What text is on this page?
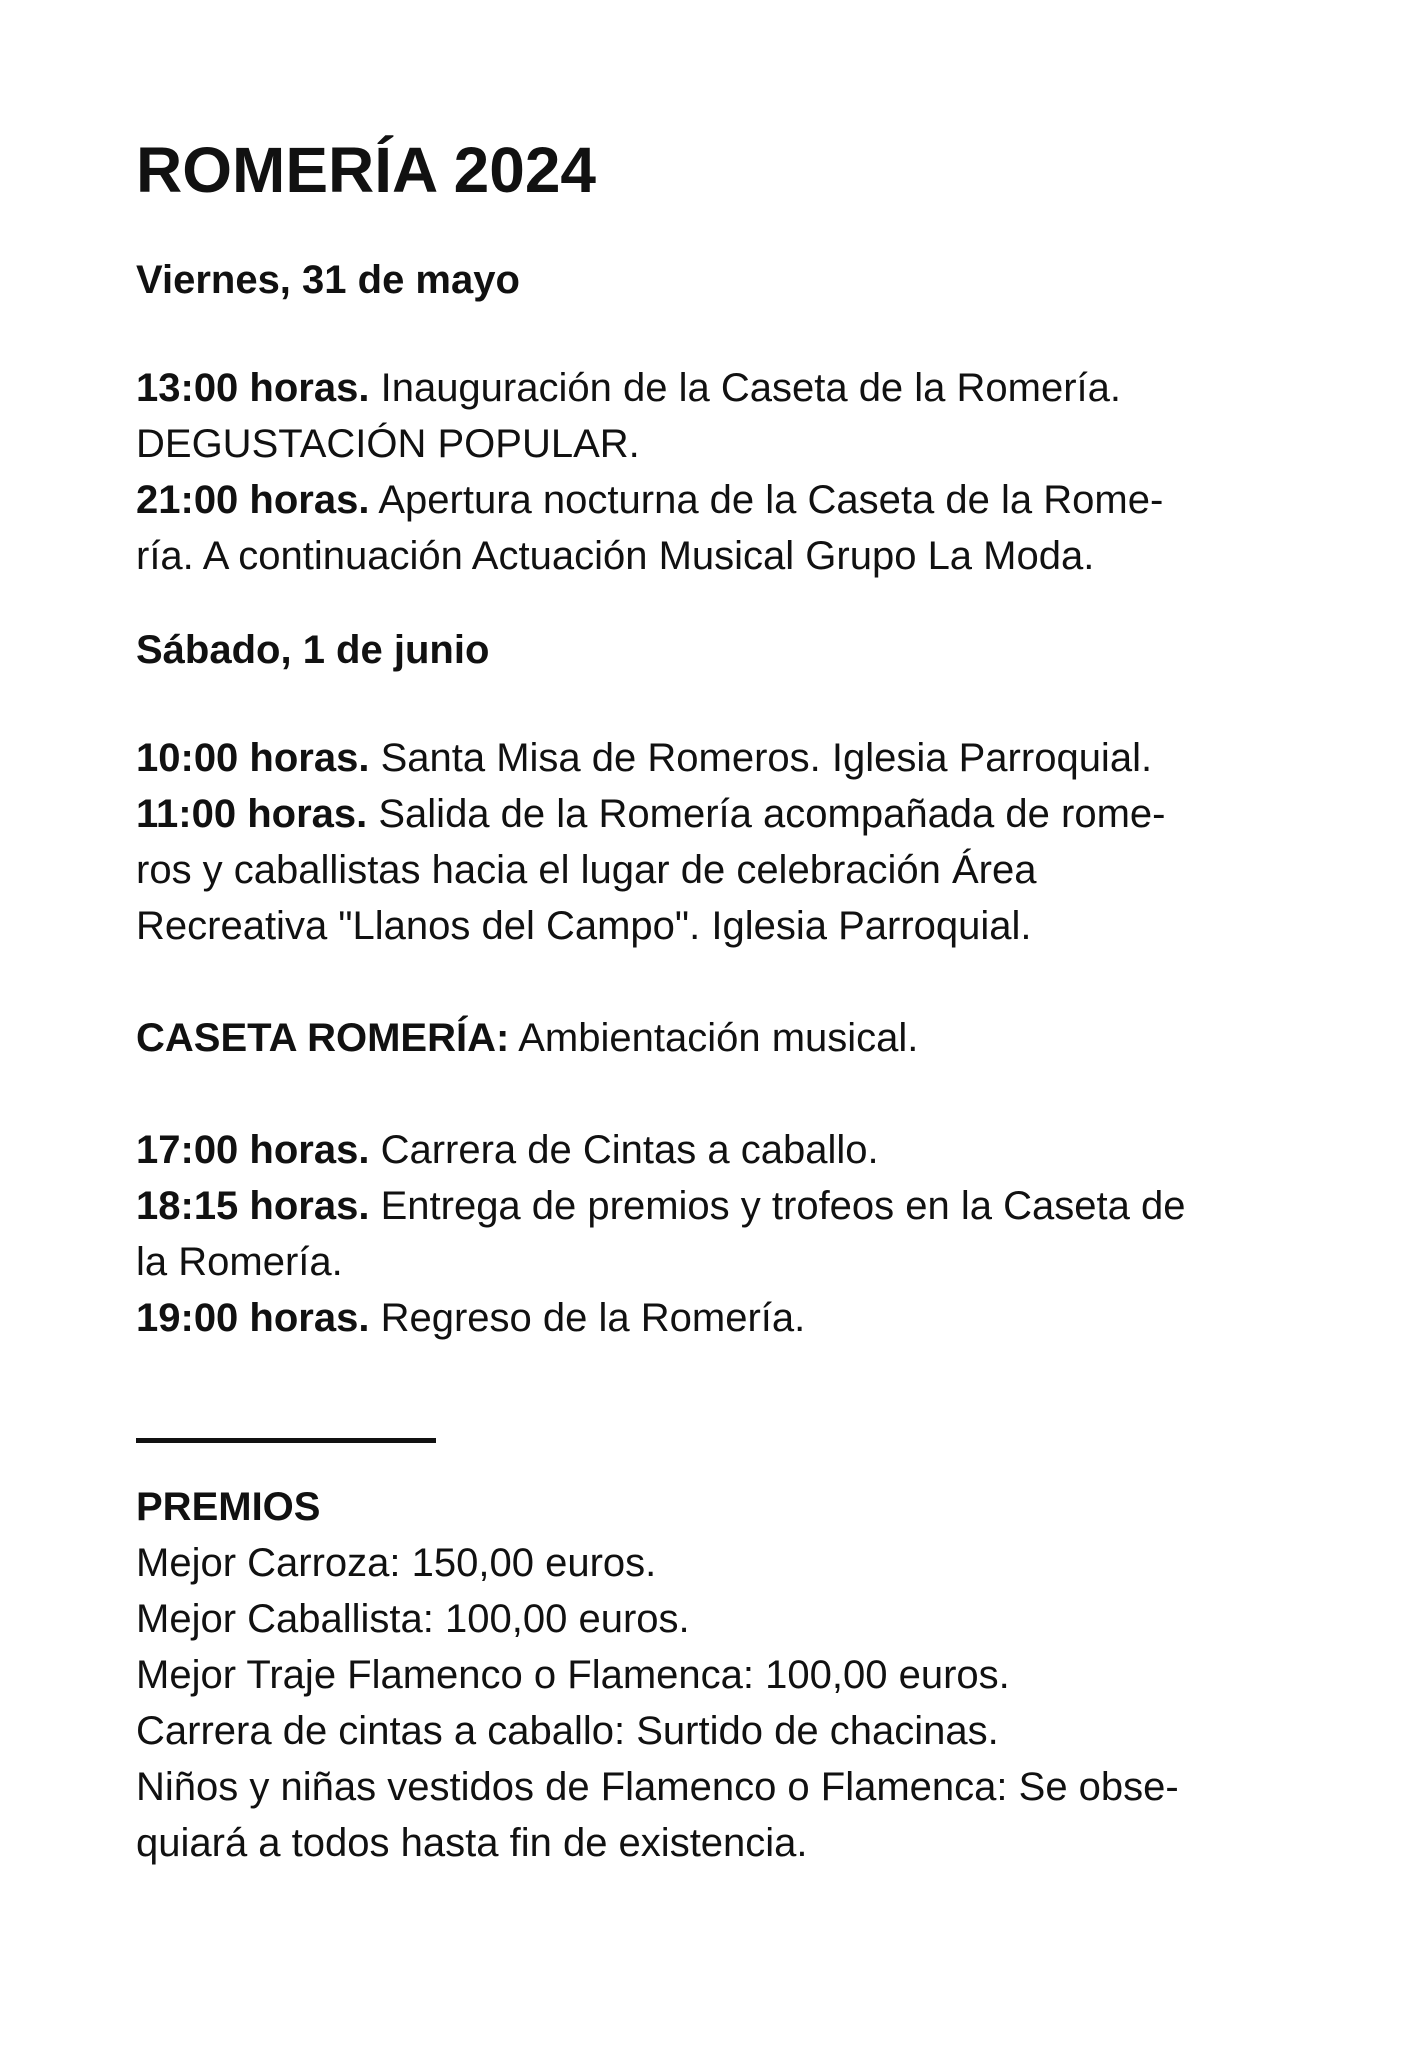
ROMERÍA 2024
Viernes, 31 de mayo
13:00 horas. Inauguración de la Caseta de la Romería.
DEGUSTACIÓN POPULAR.
21:00 horas. Apertura nocturna de la Caseta de la Rome-
ría. A continuación Actuación Musical Grupo La Moda.
Sábado, 1 de junio
10:00 horas. Santa Misa de Romeros. Iglesia Parroquial.
11:00 horas. Salida de la Romería acompañada de rome-
ros y caballistas hacia el lugar de celebración Área
Recreativa "Llanos del Campo". Iglesia Parroquial.
CASETA ROMERÍA: Ambientación musical.
17:00 horas. Carrera de Cintas a caballo.
18:15 horas. Entrega de premios y trofeos en la Caseta de
la Romería.
19:00 horas. Regreso de la Romería.
PREMIOS
Mejor Carroza: 150,00 euros.
Mejor Caballista: 100,00 euros.
Mejor Traje Flamenco o Flamenca: 100,00 euros.
Carrera de cintas a caballo: Surtido de chacinas.
Niños y niñas vestidos de Flamenco o Flamenca: Se obse-
quiará a todos hasta fin de existencia.
